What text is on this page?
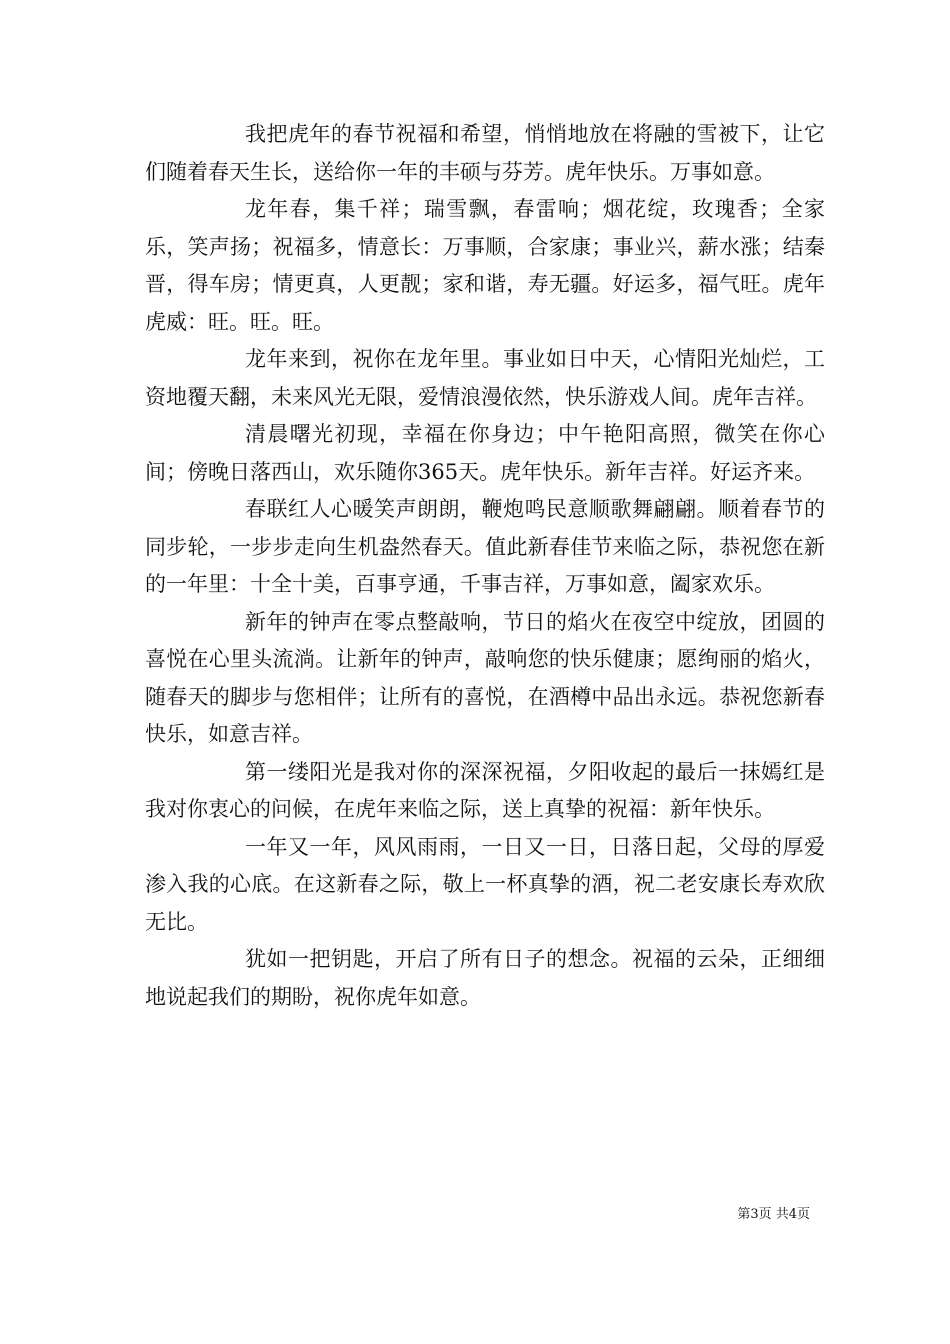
我把虎年的春节祝福和希望，悄悄地放在将融的雪被下，让它们随着春天生长，送给你一年的丰硕与芬芳。虎年快乐。万事如意。

龙年春，集千祥；瑞雪飘，春雷响；烟花绽，玫瑰香；全家乐，笑声扬；祝福多，情意长：万事顺，合家康；事业兴，薪水涨；结秦晋，得车房；情更真，人更靓；家和谐，寿无疆。好运多，福气旺。虎年虎威：旺。旺。旺。

龙年来到，祝你在龙年里。事业如日中天，心情阳光灿烂，工资地覆天翻，未来风光无限，爱情浪漫依然，快乐游戏人间。虎年吉祥。

清晨曙光初现，幸福在你身边；中午艳阳高照，微笑在你心间；傍晚日落西山，欢乐随你365天。虎年快乐。新年吉祥。好运齐来。

春联红人心暖笑声朗朗，鞭炮鸣民意顺歌舞翩翩。顺着春节的同步轮，一步步走向生机盎然春天。值此新春佳节来临之际，恭祝您在新的一年里：十全十美，百事亨通，千事吉祥，万事如意，阖家欢乐。

新年的钟声在零点整敲响，节日的焰火在夜空中绽放，团圆的喜悦在心里头流淌。让新年的钟声，敲响您的快乐健康；愿绚丽的焰火，随春天的脚步与您相伴；让所有的喜悦，在酒樽中品出永远。恭祝您新春快乐，如意吉祥。

第一缕阳光是我对你的深深祝福，夕阳收起的最后一抹嫣红是我对你衷心的问候，在虎年来临之际，送上真挚的祝福：新年快乐。

一年又一年，风风雨雨，一日又一日，日落日起，父母的厚爱渗入我的心底。在这新春之际，敬上一杯真挚的酒，祝二老安康长寿欢欣无比。

犹如一把钥匙，开启了所有日子的想念。祝福的云朵，正细细地说起我们的期盼，祝你虎年如意。

第3页 共4页
